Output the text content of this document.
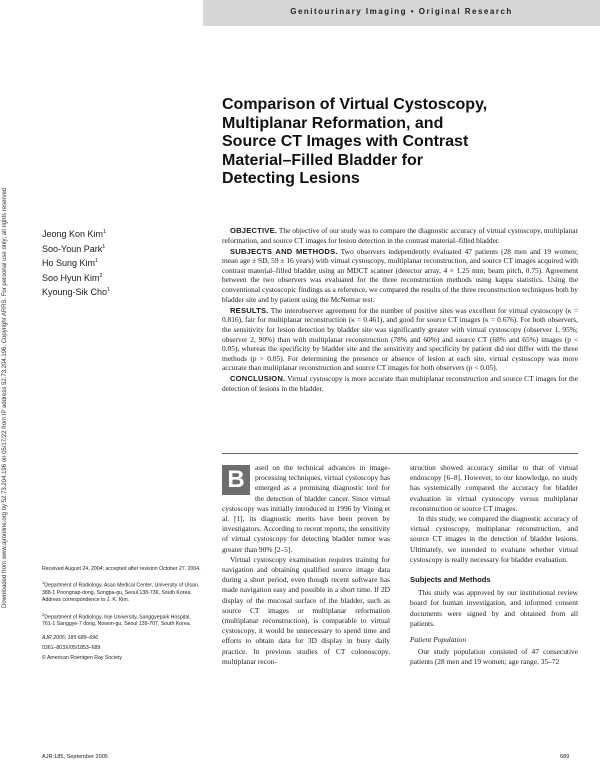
Genitourinary Imaging • Original Research
Downloaded from www.ajronline.org by 52.73.204.196 on 05/17/22 from IP address 52.73.204.196. Copyright ARRS. For personal use only; all rights reserved
Comparison of Virtual Cystoscopy,
Multiplanar Reformation, and
Source CT Images with Contrast
Material–Filled Bladder for
Detecting Lesions
Jeong Kon Kim$^1$
Soo-Youn Park$^1$
Ho Sung Kim$^1$
Soo Hyun Kim$^2$
Kyoung-Sik Cho$^1$

OBJECTIVE. The objective of our study was to compare the diagnostic accuracy of virtual cystoscopy, multiplanar reformation, and source CT images for lesion detection in the contrast material–filled bladder.

SUBJECTS AND METHODS. Two observers independently evaluated 47 patients (28 men and 19 women; mean age ± SD, 59 ± 16 years) with virtual cystoscopy, multiplanar reconstruction, and source CT images acquired with contrast material–filled bladder using an MDCT scanner (detector array, 4 × 1.25 mm; beam pitch, 0.75). Agreement between the two observers was evaluated for the three reconstruction methods using kappa statistics. Using the conventional cystoscopic findings as a reference, we compared the results of the three reconstruction techniques both by bladder site and by patient using the McNemar test.

RESULTS. The interobserver agreement for the number of positive sites was excellent for virtual cystoscopy (κ = 0.816), fair for multiplanar reconstruction (κ = 0.461), and good for source CT images (κ = 0.676). For both observers, the sensitivity for lesion detection by bladder site was significantly greater with virtual cystoscopy (observer 1, 95%; observer 2, 90%) than with multiplanar reconstruction (78% and 60%) and source CT (68% and 65%) images (p < 0.05), whereas the specificity by bladder site and the sensitivity and specificity by patient did not differ with the three methods (p > 0.05). For determining the presence or absence of lesion at each site, virtual cystoscopy was more accurate than multiplanar reconstruction and source CT images for both observers (p < 0.05).

CONCLUSION. Virtual cystoscopy is more accurate than multiplanar reconstruction and source CT images for the detection of lesions in the bladder.

Received August 24, 2004; accepted after revision October 27, 2004.

$^1$Department of Radiology, Asan Medical Center, University of Ulsan, 388-1 Poongnap-dong, Songpa-gu, Seoul 138-736, South Korea. Address correspondence to J. K. Kim.

$^2$Department of Radiology, Inje University, Sanggyepaik Hospital, 761-1 Sanggye-7 dong, Nowon-gu, Seoul 139-707, South Korea.

AJR 2005; 185:689–696

0361–803X/05/1853–689

© American Roentgen Ray Society

B	ased on the technical advances in image-processing techniques, virtual cystoscopy has emerged as a promising diagnostic tool for the detection of bladder cancer. Since virtual cystoscopy was initially introduced in 1996 by Vining et al. [1], its diagnostic merits have been proven by investigators. According to recent reports, the sensitivity of virtual cystoscopy for detecting bladder tumor was greater than 90% [2–5].

Virtual cystoscopy examination requires training for navigation and obtaining qualified source image data during a short period, even though recent software has made navigation easy and possible in a short time. If 2D display of the mucosal surface of the bladder, such as source CT images or multiplanar reformation (multiplanar reconstruction), is comparable to virtual cystoscopy, it would be unnecessary to spend time and efforts to obtain data for 3D display in busy daily practice. In previous studies of CT colonoscopy, multiplanar recon-

struction showed accuracy similar to that of virtual endoscopy [6–8]. However, to our knowledge, no study has systemically compared the accuracy for bladder evaluation in virtual cystoscopy versus multiplanar reconstruction or source CT images.

In this study, we compared the diagnostic accuracy of virtual cystoscopy, multiplanar reconstruction, and source CT images in the detection of bladder lesions. Ultimately, we intended to evaluate whether virtual cystoscopy is really necessary for bladder evaluation.

Subjects and Methods

This study was approved by our institutional review board for human investigation, and informed consent documents were signed by and obtained from all patients.

Patient Population

Our study population consisted of 47 consecutive patients (28 men and 19 women; age range, 35–72

AJR:185, September 2005	689
